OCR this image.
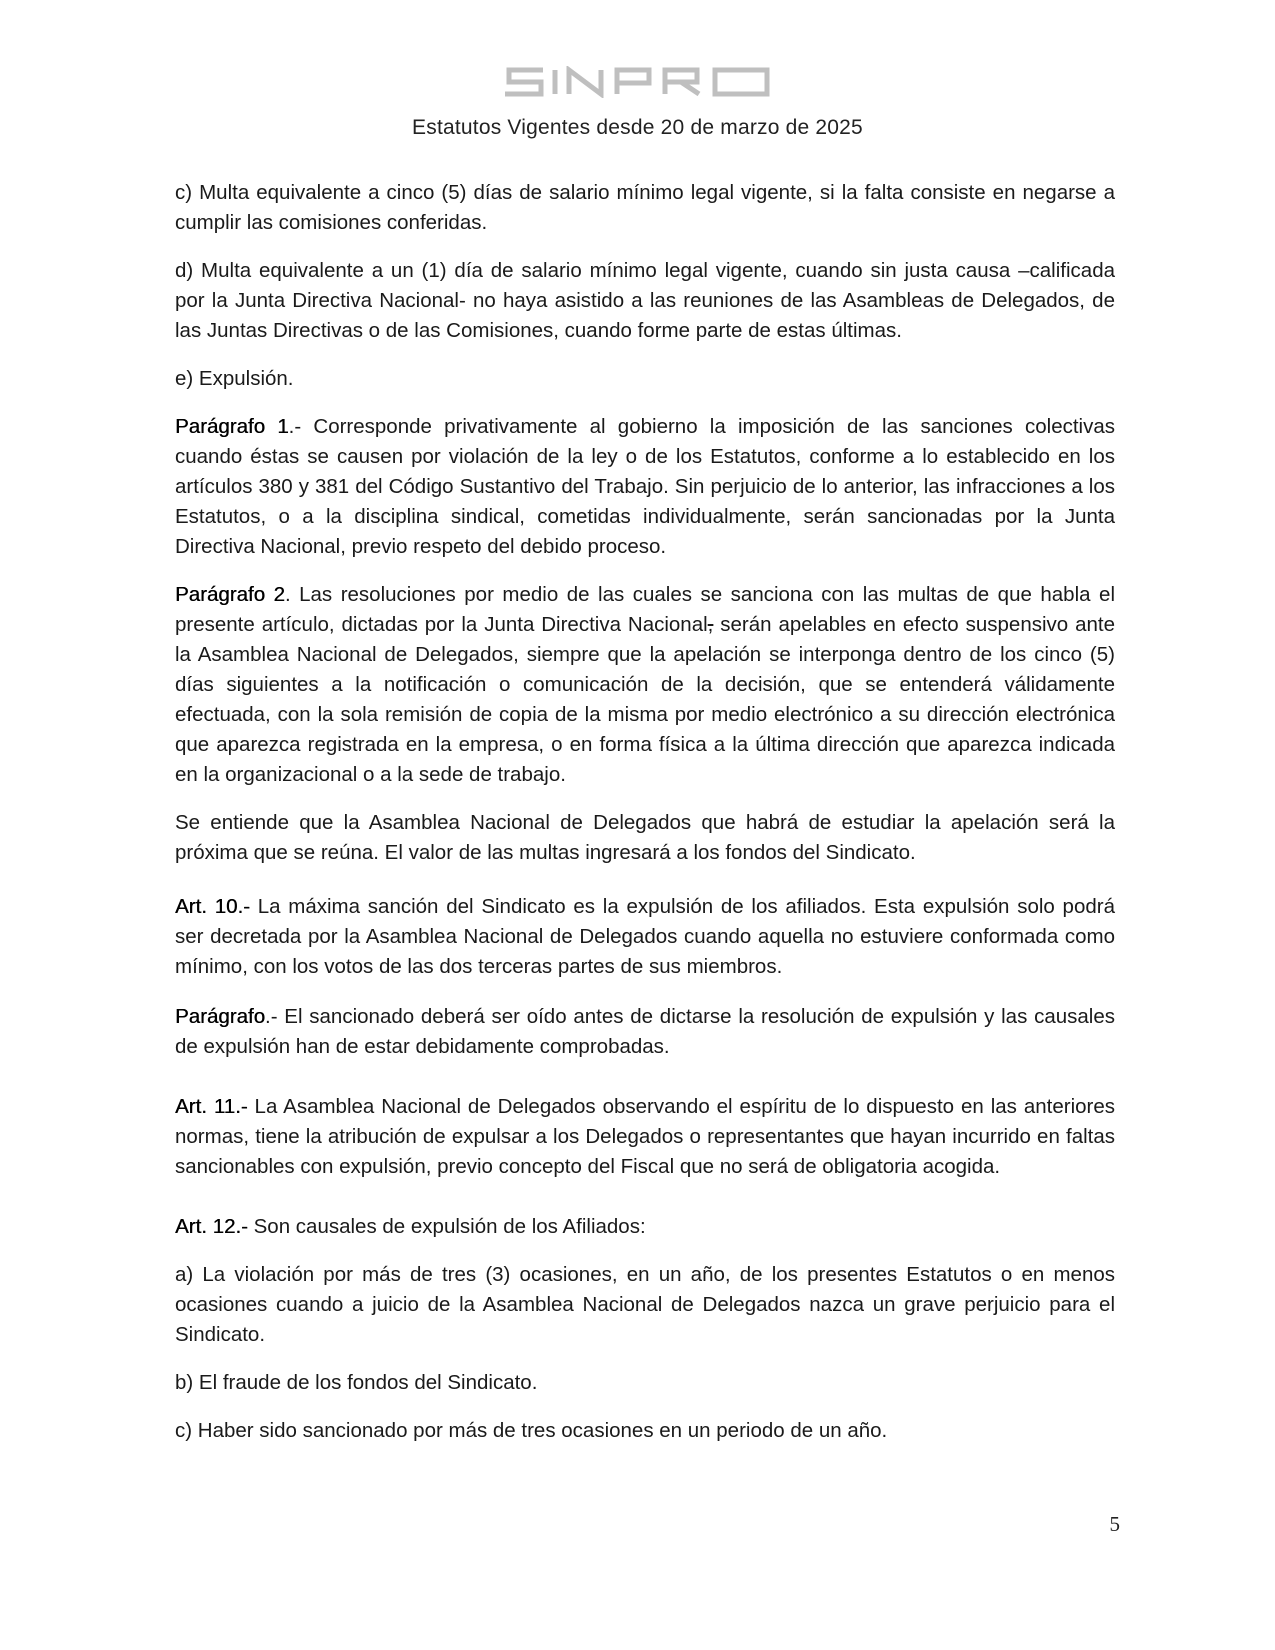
Estatutos Vigentes desde 20 de marzo de 2025

c) Multa equivalente a cinco (5) días de salario mínimo legal vigente, si la falta consiste en negarse a cumplir las comisiones conferidas.

d) Multa equivalente a un (1) día de salario mínimo legal vigente, cuando sin justa causa –calificada por la Junta Directiva Nacional- no haya asistido a las reuniones de las Asambleas de Delegados, de las Juntas Directivas o de las Comisiones, cuando forme parte de estas últimas.

e) Expulsión.

Parágrafo 1.- Corresponde privativamente al gobierno la imposición de las sanciones colectivas cuando éstas se causen por violación de la ley o de los Estatutos, conforme a lo establecido en los artículos 380 y 381 del Código Sustantivo del Trabajo. Sin perjuicio de lo anterior, las infracciones a los Estatutos, o a la disciplina sindical, cometidas individualmente, serán sancionadas por la Junta Directiva Nacional, previo respeto del debido proceso.

Parágrafo 2. Las resoluciones por medio de las cuales se sanciona con las multas de que habla el presente artículo, dictadas por la Junta Directiva Nacional, serán apelables en efecto suspensivo ante la Asamblea Nacional de Delegados, siempre que la apelación se interponga dentro de los cinco (5) días siguientes a la notificación o comunicación de la decisión, que se entenderá válidamente efectuada, con la sola remisión de copia de la misma por medio electrónico a su dirección electrónica que aparezca registrada en la empresa, o en forma física a la última dirección que aparezca indicada en la organizacional o a la sede de trabajo.

Se entiende que la Asamblea Nacional de Delegados que habrá de estudiar la apelación será la próxima que se reúna. El valor de las multas ingresará a los fondos del Sindicato.

Art. 10.- La máxima sanción del Sindicato es la expulsión de los afiliados. Esta expulsión solo podrá ser decretada por la Asamblea Nacional de Delegados cuando aquella no estuviere conformada como mínimo, con los votos de las dos terceras partes de sus miembros.

Parágrafo.- El sancionado deberá ser oído antes de dictarse la resolución de expulsión y las causales de expulsión han de estar debidamente comprobadas.

Art. 11.- La Asamblea Nacional de Delegados observando el espíritu de lo dispuesto en las anteriores normas, tiene la atribución de expulsar a los Delegados o representantes que hayan incurrido en faltas sancionables con expulsión, previo concepto del Fiscal que no será de obligatoria acogida.

Art. 12.- Son causales de expulsión de los Afiliados:

a) La violación por más de tres (3) ocasiones, en un año, de los presentes Estatutos o en menos ocasiones cuando a juicio de la Asamblea Nacional de Delegados nazca un grave perjuicio para el Sindicato.

b) El fraude de los fondos del Sindicato.

c) Haber sido sancionado por más de tres ocasiones en un periodo de un año.

5
